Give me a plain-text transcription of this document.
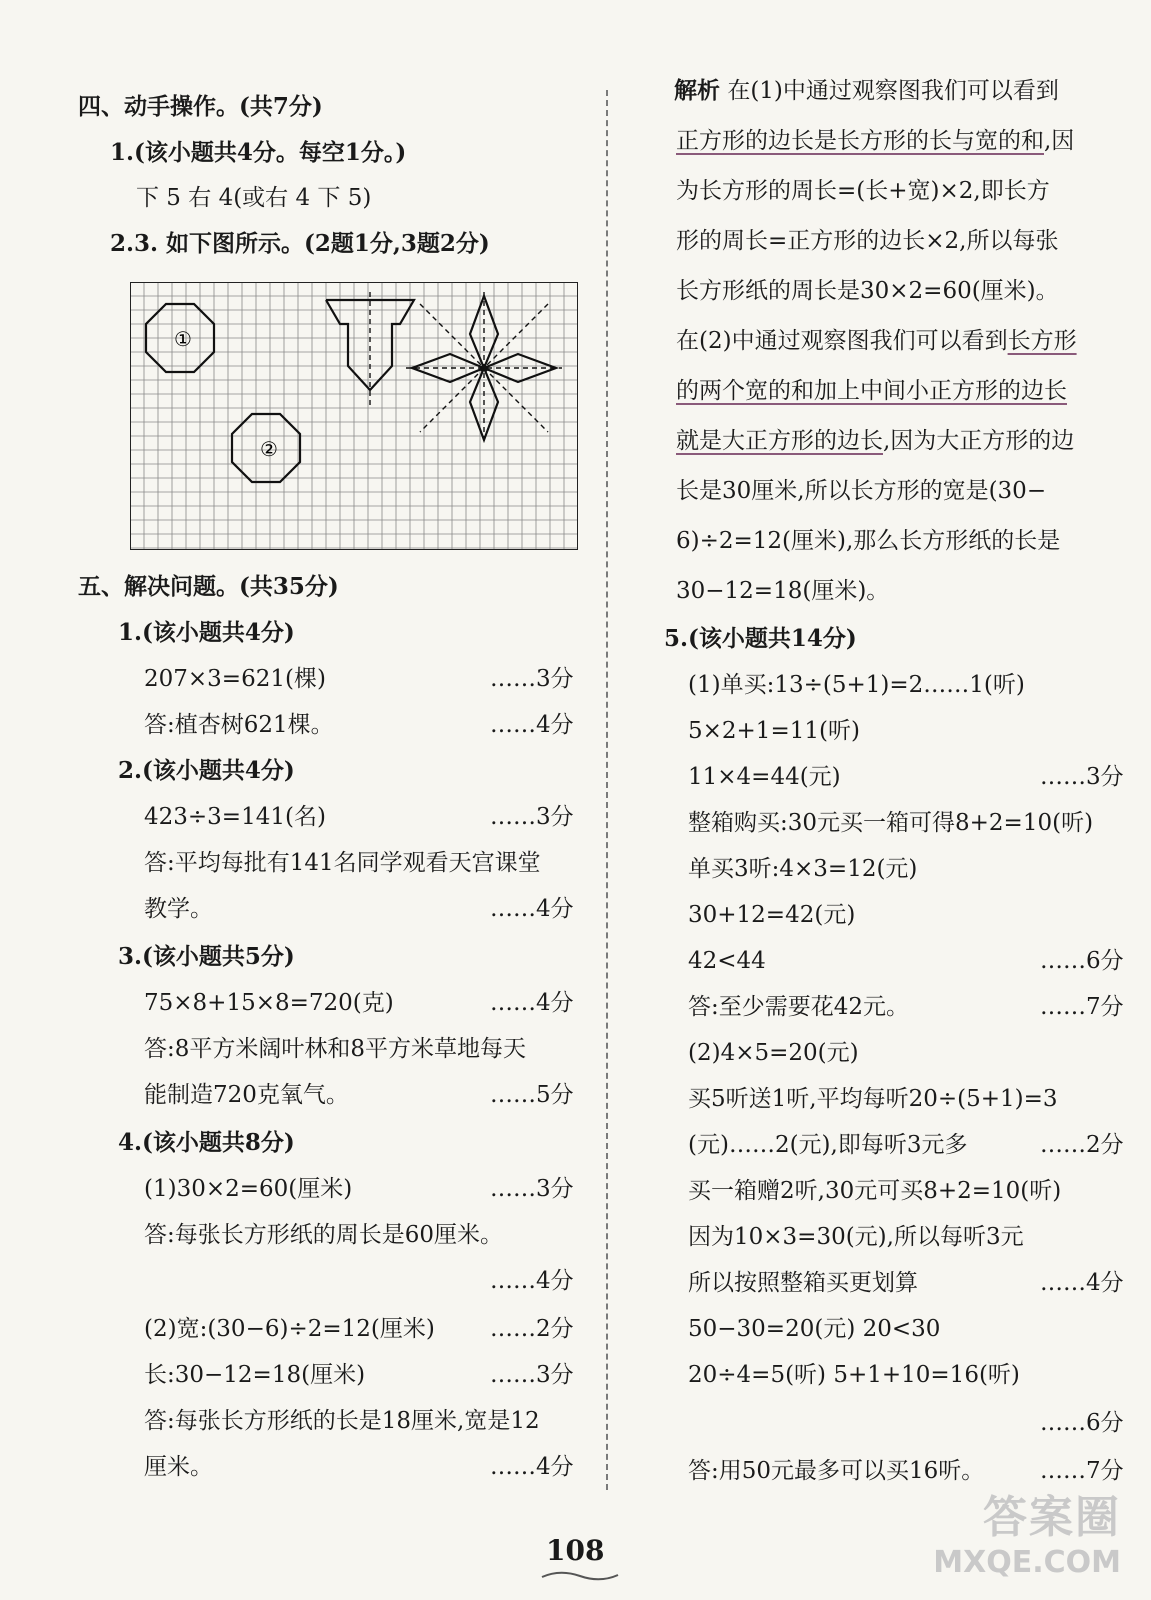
四、动手操作。(共7分)
1.(该小题共4分。每空1分。)
下 5 右 4(或右 4 下 5)
2.3. 如下图所示。(2题1分,3题2分)
①
②
五、解决问题。(共35分)
1.(该小题共4分)
207×3=621(棵)	……3分
答:植杏树621棵。	……4分
2.(该小题共4分)
423÷3=141(名)	……3分
答:平均每批有141名同学观看天宫课堂
教学。	……4分
3.(该小题共5分)
75×8+15×8=720(克)	……4分
答:8平方米阔叶林和8平方米草地每天
能制造720克氧气。	……5分
4.(该小题共8分)
(1)30×2=60(厘米)	……3分
答:每张长方形纸的周长是60厘米。
……4分
(2)宽:(30−6)÷2=12(厘米) ……2分
长:30−12=18(厘米)	……3分
答:每张长方形纸的长是18厘米,宽是12
厘米。	……4分
解析 在(1)中通过观察图我们可以看到
正方形的边长是长方形的长与宽的和,因
为长方形的周长=(长+宽)×2,即长方
形的周长=正方形的边长×2,所以每张
长方形纸的周长是30×2=60(厘米)。
在(2)中通过观察图我们可以看到长方形
的两个宽的和加上中间小正方形的边长
就是大正方形的边长,因为大正方形的边
长是30厘米,所以长方形的宽是(30−
6)÷2=12(厘米),那么长方形纸的长是
30−12=18(厘米)。
5.(该小题共14分)
(1)单买:13÷(5+1)=2……1(听)
5×2+1=11(听)
11×4=44(元)	……3分
整箱购买:30元买一箱可得8+2=10(听)
单买3听:4×3=12(元)
30+12=42(元)
42<44	……6分
答:至少需要花42元。	……7分
(2)4×5=20(元)
买5听送1听,平均每听20÷(5+1)=3
(元)……2(元),即每听3元多	……2分
买一箱赠2听,30元可买8+2=10(听)
因为10×3=30(元),所以每听3元
所以按照整箱买更划算	……4分
50−30=20(元) 20<30
20÷4=5(听) 5+1+10=16(听)
……6分
答:用50元最多可以买16听。 ……7分
108
答案圈
MXQE.COM
